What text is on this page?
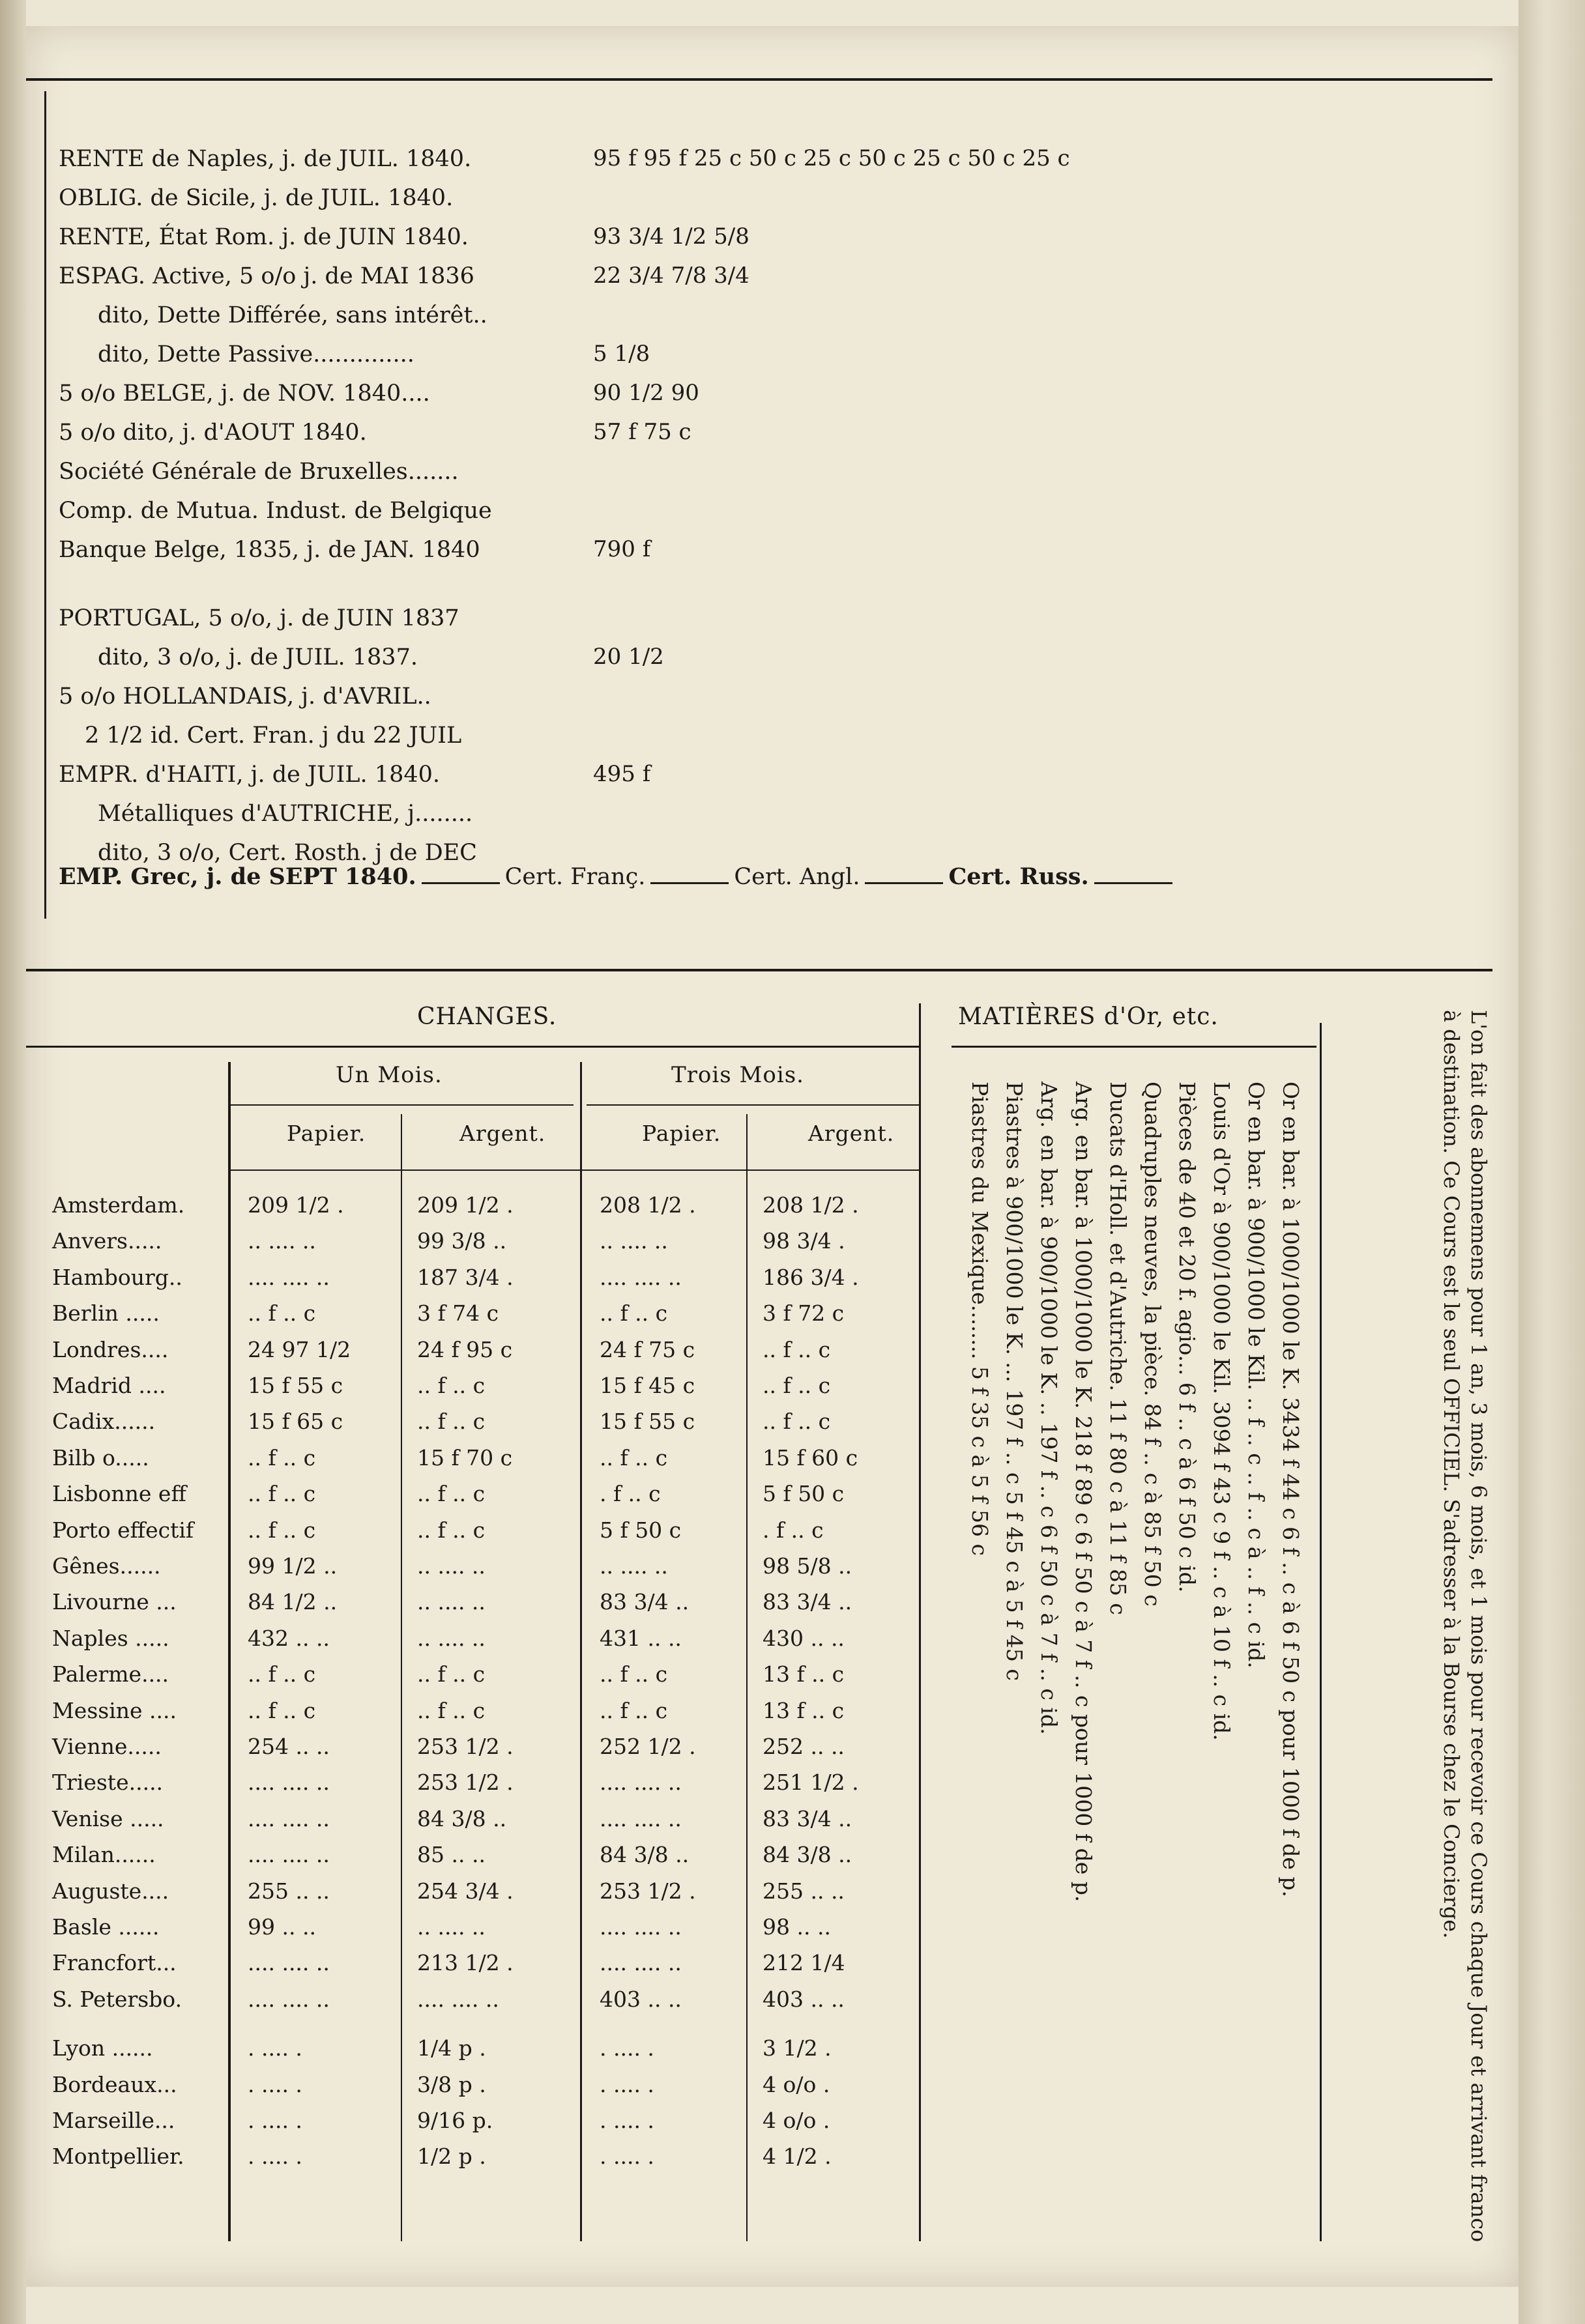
RENTE de Naples, j. de JUIL. 1840.	95 f 95 f 25 c 50 c 25 c 50 c 25 c 50 c 25 c
OBLIG. de Sicile, j. de JUIL. 1840.
RENTE, État Rom. j. de JUIN 1840.	93 3/4 1/2 5/8
ESPAG. Active, 5 o/o j. de MAI 1836	22 3/4 7/8 3/4
dito, Dette Différée, sans intérêt..
dito, Dette Passive..............	5 1/8
5 o/o BELGE, j. de NOV. 1840....	90 1/2 90
5 o/o dito, j. d'AOUT 1840.	57 f 75 c
Société Générale de Bruxelles.......
Comp. de Mutua. Indust. de Belgique
Banque Belge, 1835, j. de JAN. 1840	790 f
PORTUGAL, 5 o/o, j. de JUIN 1837
dito, 3 o/o, j. de JUIL. 1837.	20 1/2
5 o/o HOLLANDAIS, j. d'AVRIL..
2 1/2 id. Cert. Fran. j du 22 JUIL
EMPR. d'HAITI, j. de JUIL. 1840.	495 f
Métalliques d'AUTRICHE, j........
dito, 3 o/o, Cert. Rosth. j de DEC
EMP. Grec, j. de SEPT 1840.	Cert. Franç.	Cert. Angl.	Cert. Russ.
CHANGES.
Un Mois.	Trois Mois.
Papier.	Argent.	Papier.	Argent.
Amsterdam.	209 1/2 .	209 1/2 .	208 1/2 .	208 1/2 .
Anvers.....	.. .... ..	99 3/8 ..	.. .... ..	98 3/4 .
Hambourg..	.... .... ..	187 3/4 .	.... .... ..	186 3/4 .
Berlin .....	.. f .. c	3 f 74 c	.. f .. c	3 f 72 c
Londres....	24 97 1/2	24 f 95 c	24 f 75 c	.. f .. c
Madrid ....	15 f 55 c	.. f .. c	15 f 45 c	.. f .. c
Cadix......	15 f 65 c	.. f .. c	15 f 55 c	.. f .. c
Bilb o.....	.. f .. c	15 f 70 c	.. f .. c	15 f 60 c
Lisbonne eff	.. f .. c	.. f .. c	. f .. c	5 f 50 c
Porto effectif	.. f .. c	.. f .. c	5 f 50 c	. f .. c
Gênes......	99 1/2 ..	.. .... ..	.. .... ..	98 5/8 ..
Livourne ...	84 1/2 ..	.. .... ..	83 3/4 ..	83 3/4 ..
Naples .....	432 .. ..	.. .... ..	431 .. ..	430 .. ..
Palerme....	.. f .. c	.. f .. c	.. f .. c	13 f .. c
Messine ....	.. f .. c	.. f .. c	.. f .. c	13 f .. c
Vienne.....	254 .. ..	253 1/2 .	252 1/2 .	252 .. ..
Trieste.....	.... .... ..	253 1/2 .	.... .... ..	251 1/2 .
Venise .....	.... .... ..	84 3/8 ..	.... .... ..	83 3/4 ..
Milan......	.... .... ..	85 .. ..	84 3/8 ..	84 3/8 ..
Auguste....	255 .. ..	254 3/4 .	253 1/2 .	255 .. ..
Basle ......	99 .. ..	.. .... ..	.... .... ..	98 .. ..
Francfort...	.... .... ..	213 1/2 .	.... .... ..	212 1/4
S. Petersbo.	.... .... ..	.... .... ..	403 .. ..	403 .. ..
Lyon ......	. .... .	1/4 p .	. .... .	3 1/2 .
Bordeaux...	. .... .	3/8 p .	. .... .	4 o/o .
Marseille...	. .... .	9/16 p.	. .... .	4 o/o .
Montpellier.	. .... .	1/2 p .	. .... .	4 1/2 .
MATIÈRES d'Or, etc.
Or en bar. à 1000/1000 le K. 3434 f 44 c 6 f .. c à 6 f 50 c pour 1000 f de p.
Or en bar. à 900/1000 le Kil. .. f .. c .. f .. c à .. f .. c id.
Louis d'Or à 900/1000 le Kil. 3094 f 43 c 9 f .. c à 10 f .. c id.
Pièces de 40 et 20 f. agio... 6 f .. c à 6 f 50 c id.
Quadruples neuves, la pièce. 84 f .. c à 85 f 50 c
Ducats d'Holl. et d'Autriche. 11 f 80 c à 11 f 85 c
Arg. en bar. à 1000/1000 le K. 218 f 89 c 6 f 50 c à 7 f .. c pour 1000 f de p.
Arg. en bar. à 900/1000 le K. .. 197 f .. c 6 f 50 c à 7 f .. c id.
Piastres à 900/1000 le K. ... 197 f .. c 5 f 45 c à 5 f 45 c
Piastres du Mexique........ 5 f 35 c à 5 f 56 c	L'on fait des abonnemens pour 1 an, 3 mois, 6 mois, et 1 mois pour recevoir ce Cours chaque Jour et arrivant franco à destination. Ce Cours est le seul OFFICIEL. S'adresser à la Bourse chez le Concierge.
